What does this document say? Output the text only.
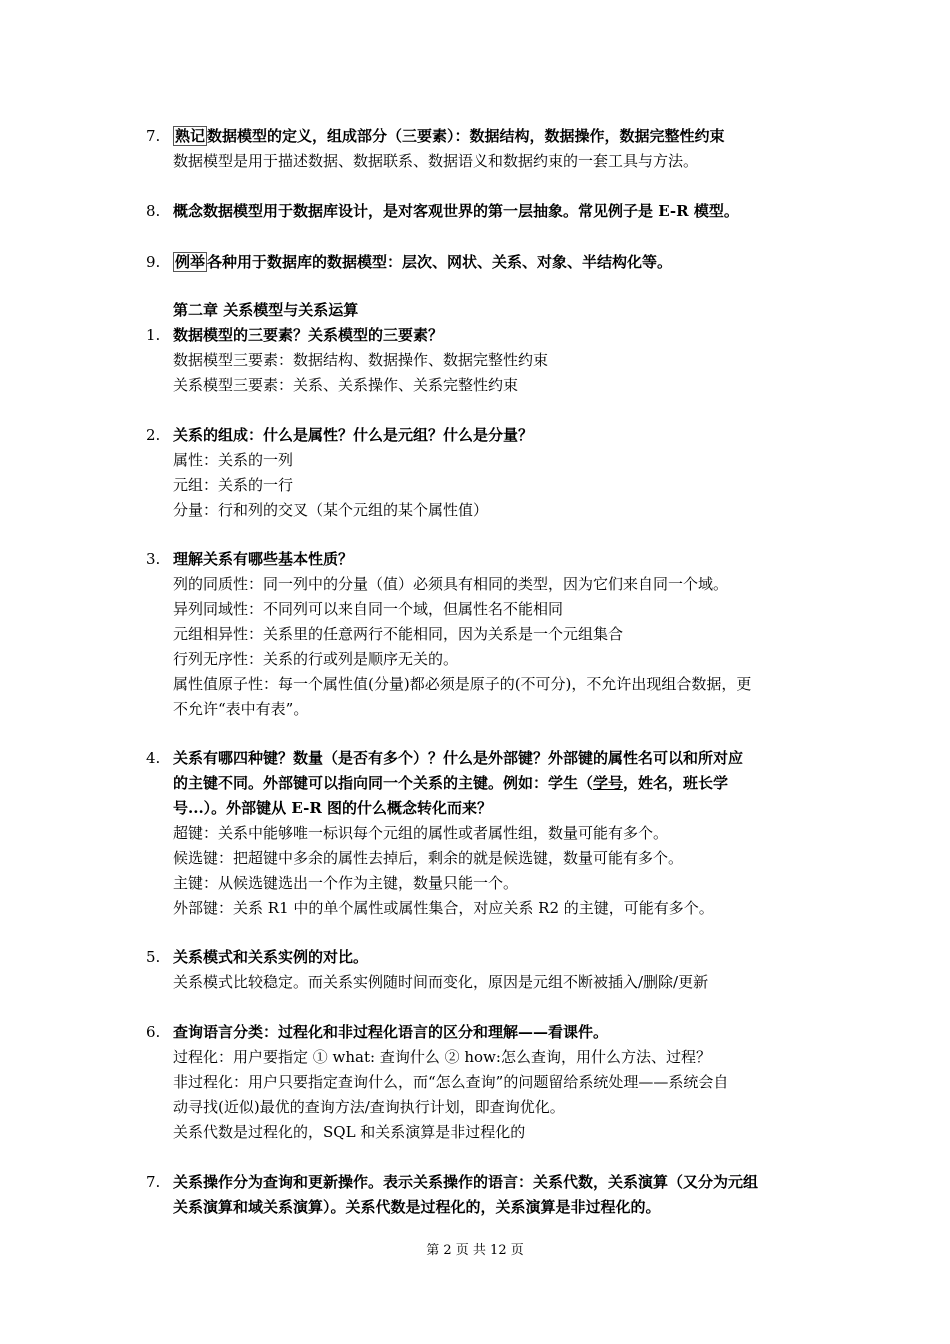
7. 熟记 数据模型的定义，组成部分（三要素）：数据结构，数据操作，数据完整性约束
数据模型是用于描述数据、数据联系、数据语义和数据约束的一套工具与方法。
8. 概念数据模型用于数据库设计，是对客观世界的第一层抽象。常见例子是 E-R 模型。
9. 例举 各种用于数据库的数据模型：层次、网状、关系、对象、半结构化等。
第二章 关系模型与关系运算
1. 数据模型的三要素？关系模型的三要素？
数据模型三要素：数据结构、数据操作、数据完整性约束
关系模型三要素：关系、关系操作、关系完整性约束
2. 关系的组成：什么是属性？什么是元组？什么是分量？
属性：关系的一列
元组：关系的一行
分量：行和列的交叉（某个元组的某个属性值）
3. 理解关系有哪些基本性质？
列的同质性：同一列中的分量（值）必须具有相同的类型，因为它们来自同一个域。
异列同域性：不同列可以来自同一个域，但属性名不能相同
元组相异性：关系里的任意两行不能相同，因为关系是一个元组集合
行列无序性：关系的行或列是顺序无关的。
属性值原子性：每一个属性值(分量)都必须是原子的(不可分)，不允许出现组合数据，更
不允许“表中有表”。
4. 关系有哪四种键？数量（是否有多个）？什么是外部键？外部键的属性名可以和所对应
的主键不同。外部键可以指向同一个关系的主键。例如：学生（学号，姓名，班长学
号...）。外部键从 E-R 图的什么概念转化而来？
超键：关系中能够唯一标识每个元组的属性或者属性组，数量可能有多个。
候选键：把超键中多余的属性去掉后，剩余的就是候选键，数量可能有多个。
主键：从候选键选出一个作为主键，数量只能一个。
外部键：关系 R1 中的单个属性或属性集合，对应关系 R2 的主键，可能有多个。
5. 关系模式和关系实例的对比。
关系模式比较稳定。而关系实例随时间而变化，原因是元组不断被插入/删除/更新
6. 查询语言分类：过程化和非过程化语言的区分和理解——看课件。
过程化：用户要指定 ① what: 查询什么 ② how:怎么查询，用什么方法、过程？
非过程化：用户只要指定查询什么，而“怎么查询”的问题留给系统处理——系统会自
动寻找(近似)最优的查询方法/查询执行计划，即查询优化。
关系代数是过程化的，SQL 和关系演算是非过程化的
7. 关系操作分为查询和更新操作。表示关系操作的语言：关系代数，关系演算（又分为元组
关系演算和域关系演算）。关系代数是过程化的，关系演算是非过程化的。
第 2 页 共 12 页
